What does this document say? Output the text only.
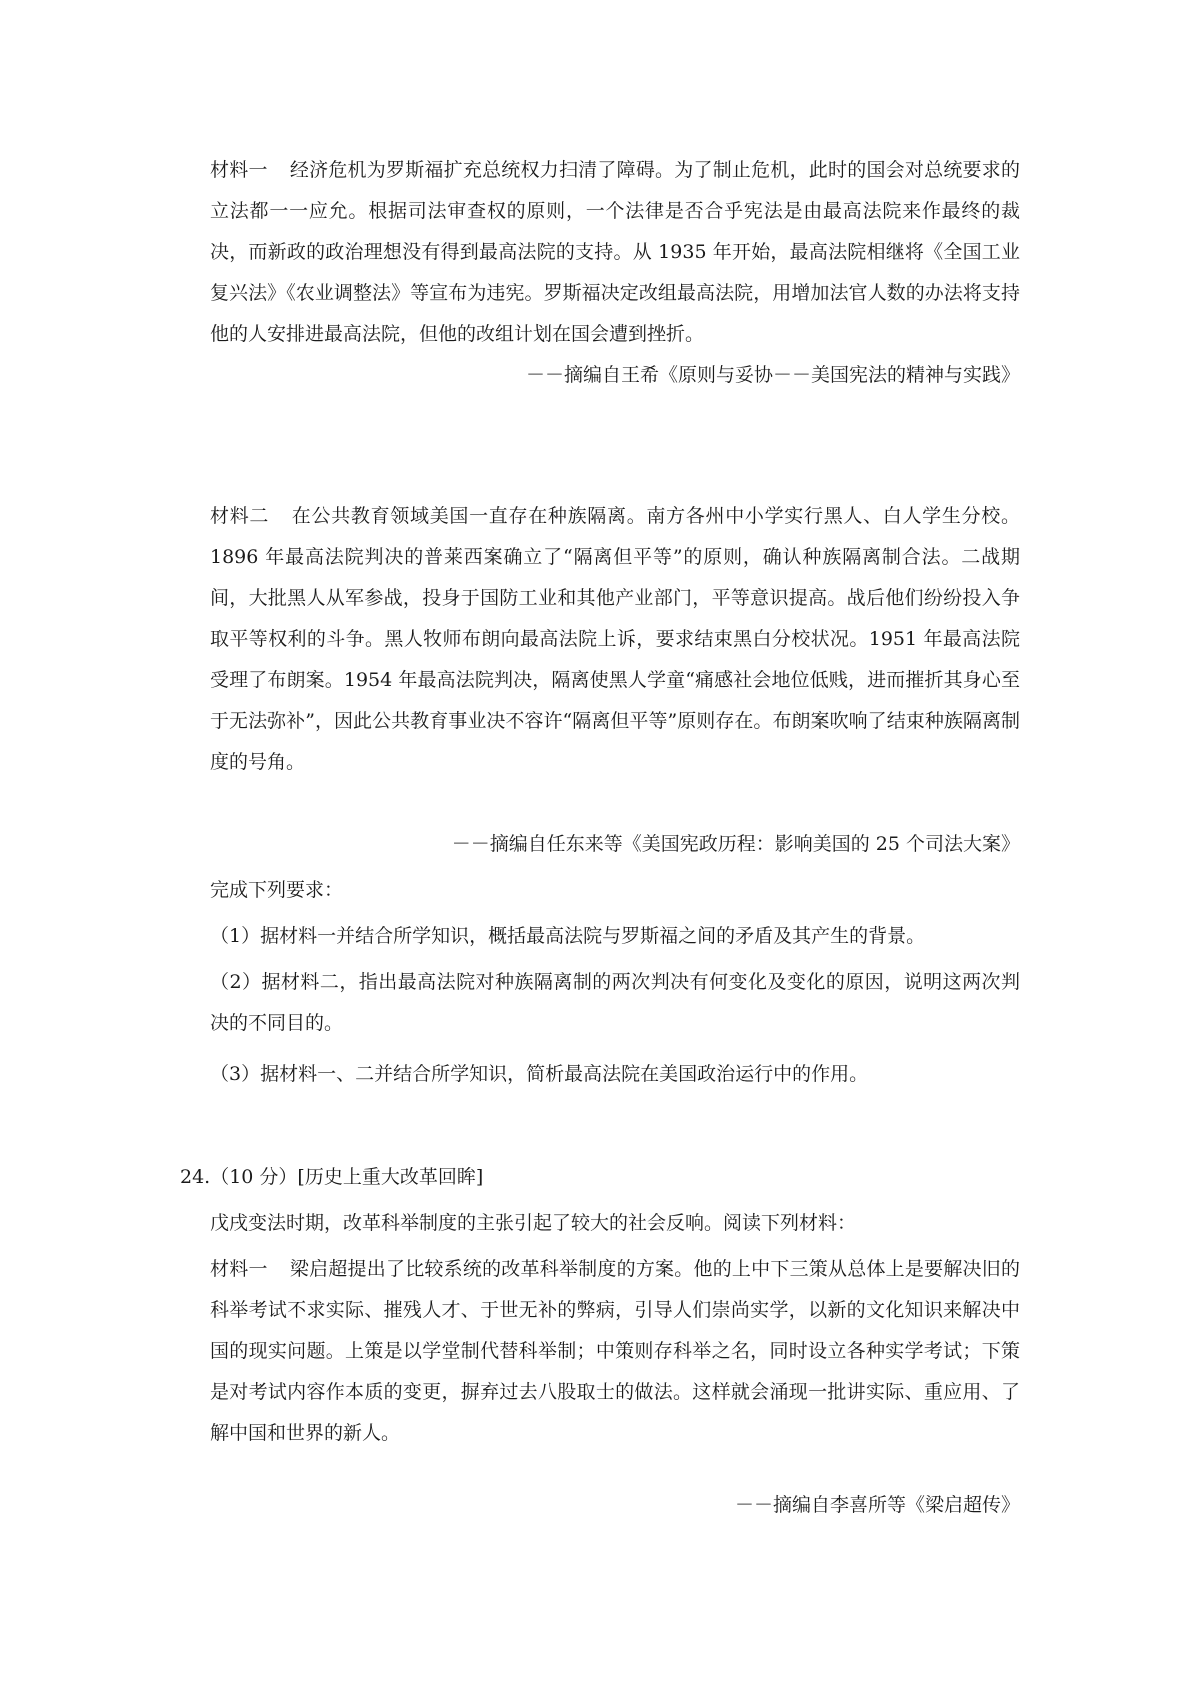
材料一 经济危机为罗斯福扩充总统权力扫清了障碍。为了制止危机，此时的国会对总统要求的立法都一一应允。根据司法审查权的原则，一个法律是否合乎宪法是由最高法院来作最终的裁决，而新政的政治理想没有得到最高法院的支持。从 1935 年开始，最高法院相继将《全国工业复兴法》《农业调整法》等宣布为违宪。罗斯福决定改组最高法院，用增加法官人数的办法将支持他的人安排进最高法院，但他的改组计划在国会遭到挫折。

－－摘编自王希《原则与妥协－－美国宪法的精神与实践》

材料二 在公共教育领域美国一直存在种族隔离。南方各州中小学实行黑人、白人学生分校。1896 年最高法院判决的普莱西案确立了“隔离但平等”的原则，确认种族隔离制合法。二战期间，大批黑人从军参战，投身于国防工业和其他产业部门，平等意识提高。战后他们纷纷投入争取平等权利的斗争。黑人牧师布朗向最高法院上诉，要求结束黑白分校状况。1951 年最高法院受理了布朗案。1954 年最高法院判决，隔离使黑人学童“痛感社会地位低贱，进而摧折其身心至于无法弥补”，因此公共教育事业决不容许“隔离但平等”原则存在。布朗案吹响了结束种族隔离制度的号角。

－－摘编自任东来等《美国宪政历程：影响美国的 25 个司法大案》

完成下列要求：

（1）据材料一并结合所学知识，概括最高法院与罗斯福之间的矛盾及其产生的背景。

（2）据材料二，指出最高法院对种族隔离制的两次判决有何变化及变化的原因，说明这两次判决的不同目的。

（3）据材料一、二并结合所学知识，简析最高法院在美国政治运行中的作用。

24.（10 分）[历史上重大改革回眸]

戊戌变法时期，改革科举制度的主张引起了较大的社会反响。阅读下列材料：

材料一 梁启超提出了比较系统的改革科举制度的方案。他的上中下三策从总体上是要解决旧的科举考试不求实际、摧残人才、于世无补的弊病，引导人们崇尚实学，以新的文化知识来解决中国的现实问题。上策是以学堂制代替科举制；中策则存科举之名，同时设立各种实学考试；下策是对考试内容作本质的变更，摒弃过去八股取士的做法。这样就会涌现一批讲实际、重应用、了解中国和世界的新人。

－－摘编自李喜所等《梁启超传》
